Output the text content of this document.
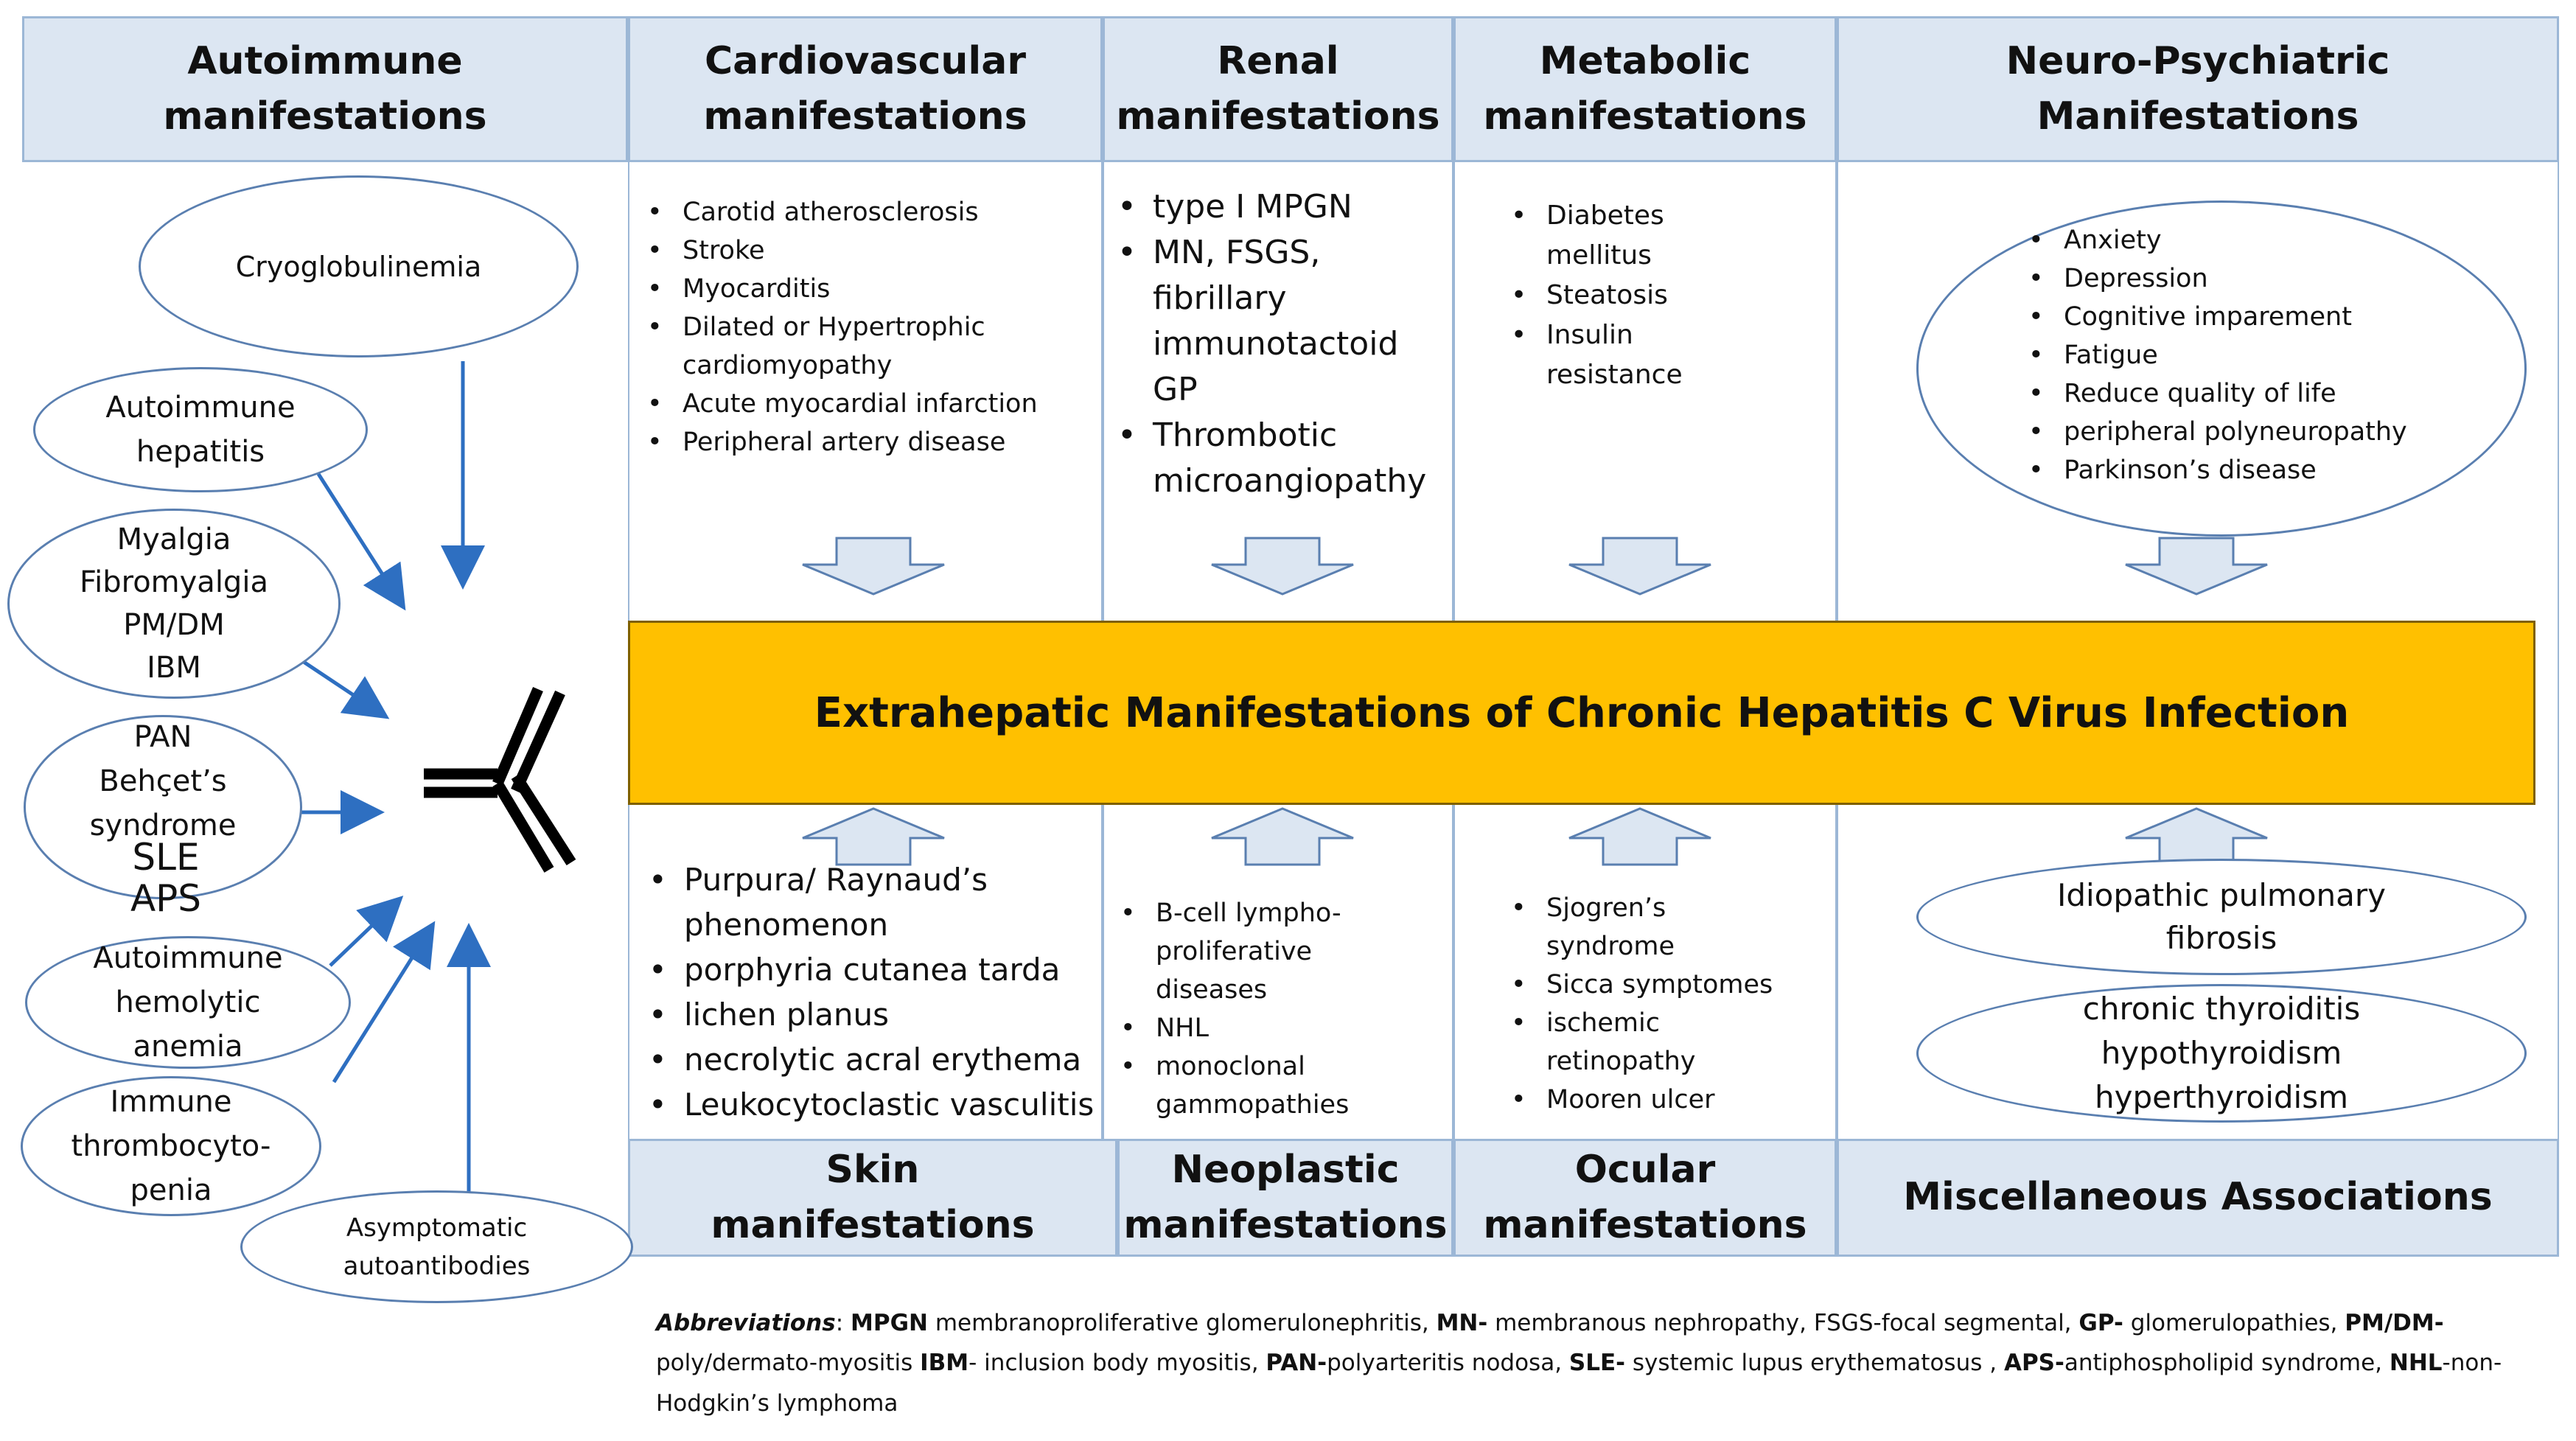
Autoimmune
manifestations
Cardiovascular
manifestations
Renal
manifestations
Metabolic
manifestations
Neuro-Psychiatric Manifestations
• Carotid atherosclerosis
• Stroke
• Myocarditis
• Dilated or Hypertrophic
cardiomyopathy
• Acute myocardial infarction
• Peripheral artery disease
• type I MPGN
• MN, FSGS,
fibrillary
immunotactoid
GP
• Thrombotic
microangiopathy
• Diabetes
mellitus
• Steatosis
• Insulin
resistance
• Anxiety
• Depression
• Cognitive imparement
• Fatigue
• Reduce quality of life
• peripheral polyneuropathy
• Parkinson’s disease
Extrahepatic Manifestations of Chronic Hepatitis C Virus Infection
• Purpura/ Raynaud’s
phenomenon
• porphyria cutanea tarda
• lichen planus
• necrolytic acral erythema
• Leukocytoclastic vasculitis
• B-cell lympho-
proliferative
diseases
• NHL
• monoclonal
gammopathies
• Sjogren’s
syndrome
• Sicca symptomes
• ischemic
retinopathy
• Mooren ulcer
Idiopathic pulmonary
fibrosis
chronic thyroiditis
hypothyroidism
hyperthyroidism
Skin
manifestations
Neoplastic
manifestations
Ocular
manifestations
Miscellaneous Associations
Cryoglobulinemia
Autoimmune
hepatitis
Myalgia
Fibromyalgia
PM/DM
IBM
PAN
Behçet’s
syndrome
SLE
APS
Autoimmune
hemolytic
anemia
Immune
thrombocyto-
penia
Asymptomatic
autoantibodies
Abbreviations: MPGN membranoproliferative glomerulonephritis, MN- membranous nephropathy, FSGS-focal segmental, GP- glomerulopathies, PM/DM- poly/dermato-myositis IBM- inclusion body myositis, PAN-polyarteritis nodosa, SLE- systemic lupus erythematosus , APS-antiphospholipid syndrome, NHL-non-Hodgkin’s lymphoma
